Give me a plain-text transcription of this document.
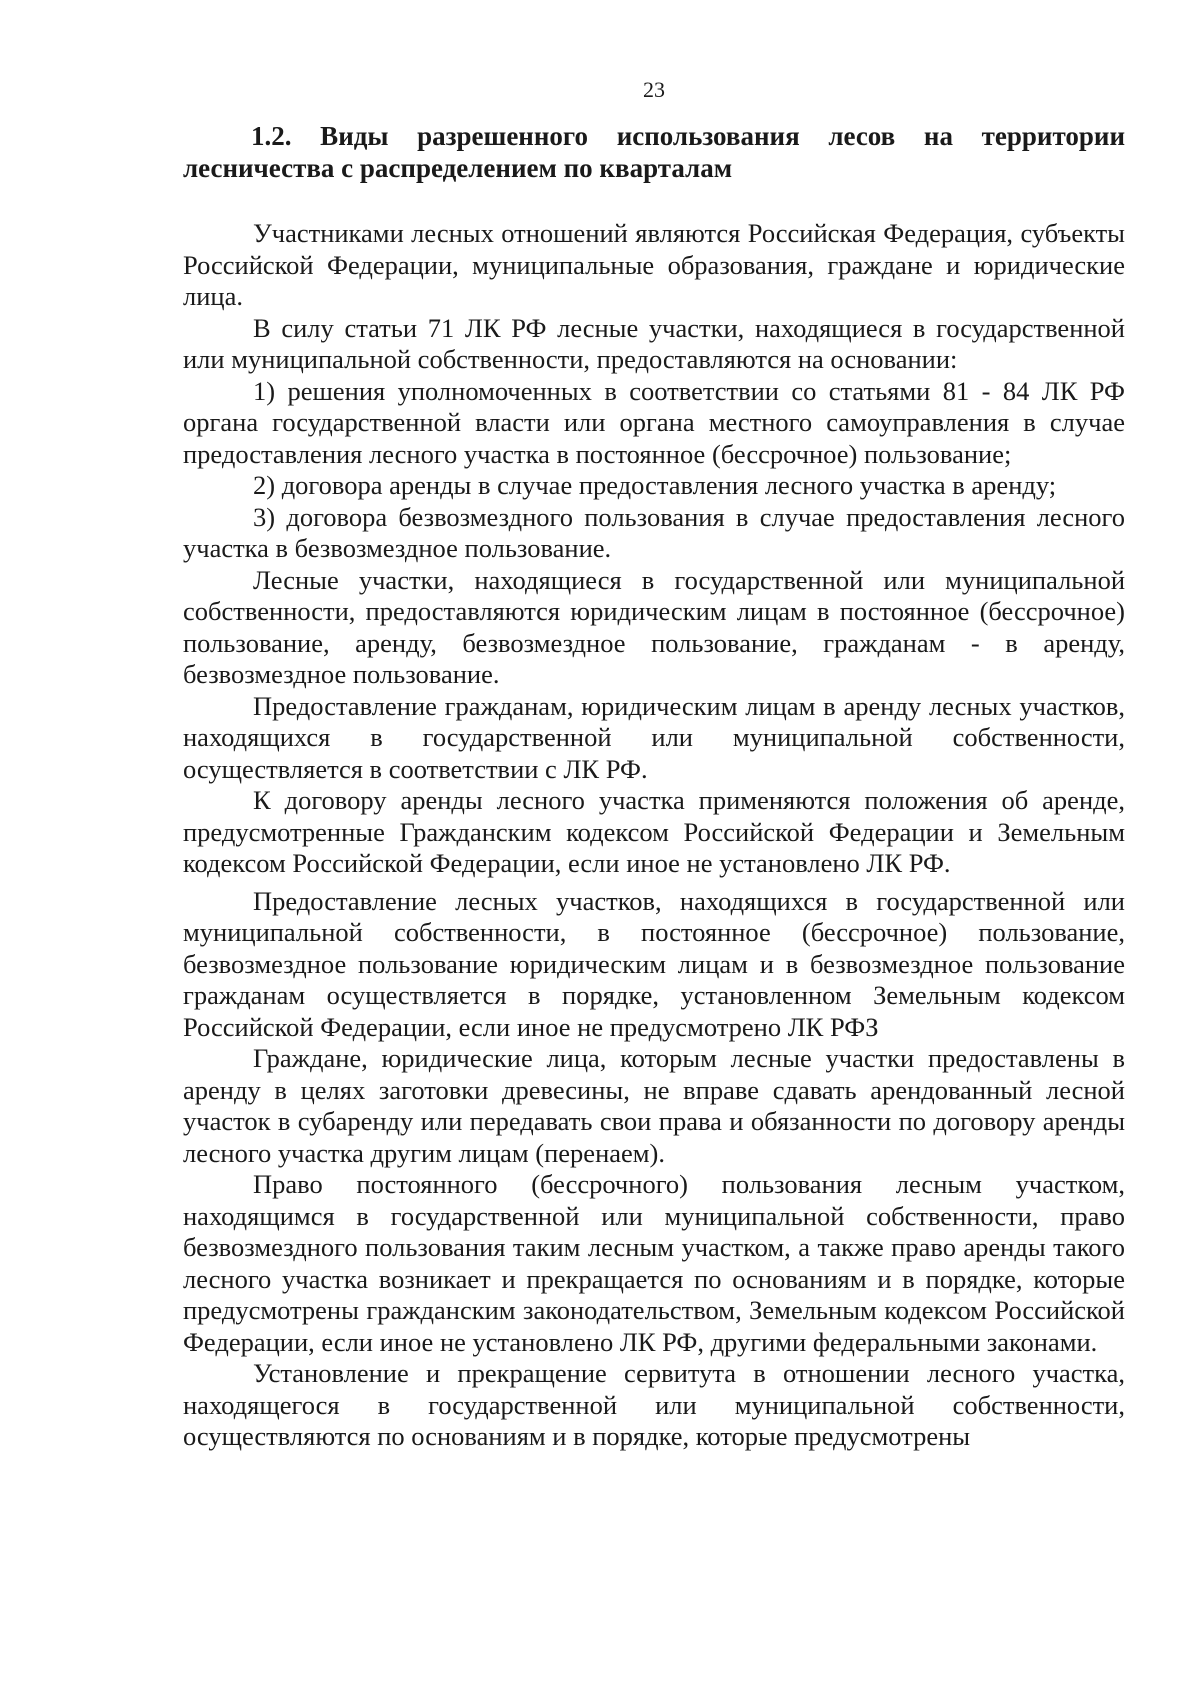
23
1.2. Виды разрешенного использования лесов на территории лесничества с распределением по кварталам

Участниками лесных отношений являются Российская Федерация, субъекты Российской Федерации, муниципальные образования, граждане и юридические лица.

В силу статьи 71 ЛК РФ лесные участки, находящиеся в государственной или муниципальной собственности, предоставляются на основании:

1) решения уполномоченных в соответствии со статьями 81 - 84 ЛК РФ органа государственной власти или органа местного самоуправления в случае предоставления лесного участка в постоянное (бессрочное) пользование;

2) договора аренды в случае предоставления лесного участка в аренду;

3) договора безвозмездного пользования в случае предоставления лесного участка в безвозмездное пользование.

Лесные участки, находящиеся в государственной или муниципальной собственности, предоставляются юридическим лицам в постоянное (бессрочное) пользование, аренду, безвозмездное пользование, гражданам - в аренду, безвозмездное пользование.

Предоставление гражданам, юридическим лицам в аренду лесных участков, находящихся в государственной или муниципальной собственности, осуществляется в соответствии с ЛК РФ.

К договору аренды лесного участка применяются положения об аренде, предусмотренные Гражданским кодексом Российской Федерации и Земельным кодексом Российской Федерации, если иное не установлено ЛК РФ.

Предоставление лесных участков, находящихся в государственной или муниципальной собственности, в постоянное (бессрочное) пользование, безвозмездное пользование юридическим лицам и в безвозмездное пользование гражданам осуществляется в порядке, установленном Земельным кодексом Российской Федерации, если иное не предусмотрено ЛК РФЗ

Граждане, юридические лица, которым лесные участки предоставлены в аренду в целях заготовки древесины, не вправе сдавать арендованный лесной участок в субаренду или передавать свои права и обязанности по договору аренды лесного участка другим лицам (перенаем).

Право постоянного (бессрочного) пользования лесным участком, находящимся в государственной или муниципальной собственности, право безвозмездного пользования таким лесным участком, а также право аренды такого лесного участка возникает и прекращается по основаниям и в порядке, которые предусмотрены гражданским законодательством, Земельным кодексом Российской Федерации, если иное не установлено ЛК РФ, другими федеральными законами.

Установление и прекращение сервитута в отношении лесного участка, находящегося в государственной или муниципальной собственности, осуществляются по основаниям и в порядке, которые предусмотрены
